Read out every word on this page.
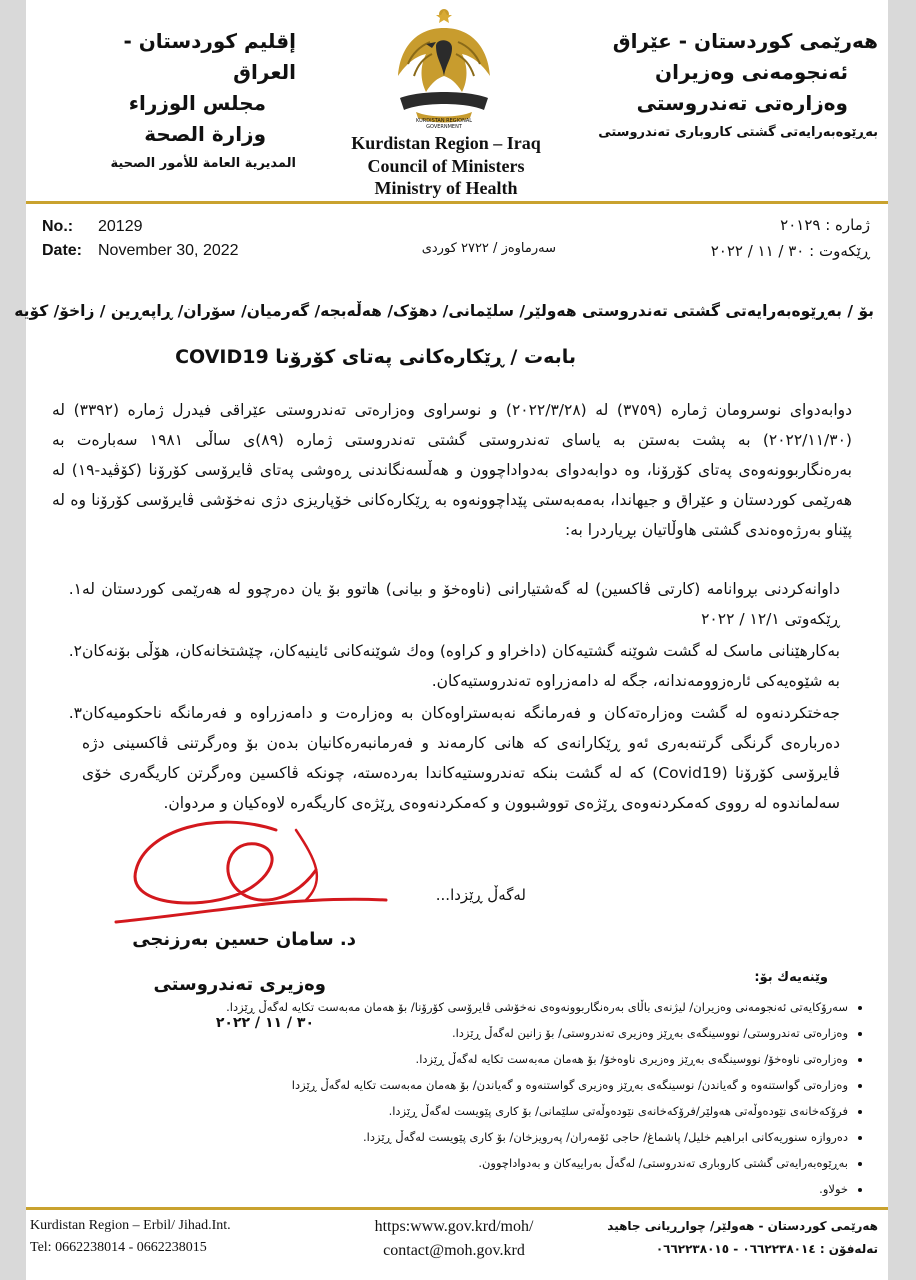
هەرێمی کوردستان - عێراق
ئەنجومەنی وەزیران
وەزارەتی تەندروستی
بەڕێوەبەرایەتی گشتی کاروباری تەندروستی
إقليم كوردستان - العراق
مجلس الوزراء
وزارة الصحة
المديرية العامة للأمور الصحية
KURDISTAN REGIONAL GOVERNMENT
Kurdistan Region – Iraq
Council of Ministers
Ministry of Health
No.: 20129
Date: November 30, 2022	سەرماوەز / ٢٧٢٢ کوردی
ژمارە : ٢٠١٢٩
ڕێکەوت : ٣٠ / ١١ / ٢٠٢٢
بۆ / بەڕێوەبەرایەتی گشتی تەندروستی هەولێر/ سلێمانی/ دهۆک/ هەڵەبجە/ گەرمیان/ سۆران/ ڕاپەڕین / زاخۆ/ کۆیە
بابەت / ڕێکارەکانی پەتای کۆرۆنا COVID19
دوابەدوای نوسرومان ژمارە (٣٧٥٩) لە (٢٠٢٢/٣/٢٨) و نوسراوی وەزارەتی تەندروستی عێراقی فیدرل ژمارە (٣٣٩٢) لە (٢٠٢٢/١١/٣٠) بە پشت بەستن بە یاسای تەندروستی گشتی تەندروستی ژمارە (٨٩)ی ساڵی ١٩٨١ سەبارەت بە بەرەنگاربوونەوەی پەتای کۆرۆنا، وە دوابەدوای بەدواداچوون و هەڵسەنگاندنی ڕەوشی پەتای ڤایرۆسی کۆرۆنا (کۆڤید-١٩) لە هەرێمی کوردستان و عێراق و جیهاندا، بەمەبەستی پێداچوونەوە بە ڕێکارەکانی خۆپاریزی دژی نەخۆشی ڤایرۆسی کۆرۆنا وە لە پێناو بەرژەوەندی گشتی هاوڵاتیان بڕیاردرا بە:
١. داوانەکردنی بڕوانامە (کارتی ڤاکسین) لە گەشتیارانی (ناوەخۆ و بیانی) هاتوو بۆ یان دەرچوو لە هەرێمی کوردستان لە ڕێکەوتی ١٢/١ / ٢٠٢٢
٢. بەکارهێنانی ماسک لە گشت شوێنە گشتیەکان (داخراو و کراوە) وەك شوێنەکانی ئاینیەکان، چێشتخانەکان، هۆڵی بۆنەکان بە شێوەیەکی ئارەزوومەندانە، جگە لە دامەزراوە تەندروستیەکان.
٣. جەختکردنەوە لە گشت وەزارەتەکان و فەرمانگە نەبەستراوەکان بە وەزارەت و دامەزراوە و فەرمانگە ناحکومیەکان دەربارەی گرنگی گرتنەبەری ئەو ڕێکارانەی کە هانی کارمەند و فەرمانبەرەکانیان بدەن بۆ وەرگرتنی ڤاکسینی دژە ڤایرۆسی کۆرۆنا (Covid19) کە لە گشت بنکە تەندروستیەکاندا بەردەستە، چونکە ڤاکسین وەرگرتن کاریگەری خۆی سەلماندوە لە رووی کەمکردنەوەی ڕێژەی تووشبوون و کەمکردنەوەی ڕێژەی کاریگەرە لاوەکیان و مردوان.
لەگەڵ ڕێزدا...
د. سامان حسین بەرزنجی
وەزیری تەندروستی
٣٠ / ١١ / ٢٠٢٢
وێنەیەك بۆ:
• سەرۆکایەتی ئەنجومەنی وەزیران/ لیژنەی باڵای بەرەنگاربوونەوەی نەخۆشی ڤایرۆسی کۆرۆنا/ بۆ هەمان مەبەست تکایە لەگەڵ ڕێزدا.
• وەزارەتی تەندروستی/ نووسینگەی بەڕێز وەزیری تەندروستی/ بۆ زانین لەگەڵ ڕێزدا.
• وەزارەتی ناوەخۆ/ نووسینگەی بەڕێز وەزیری ناوەخۆ/ بۆ هەمان مەبەست تکایە لەگەڵ ڕێزدا.
• وەزارەتی گواستنەوە و گەیاندن/ نوسینگەی بەڕێز وەزیری گواستنەوە و گەیاندن/ بۆ هەمان مەبەست تکایە لەگەڵ ڕێزدا
• فرۆکەخانەی نێودەوڵەتی هەولێر/فرۆکەخانەی نێودەوڵەتی سلێمانی/ بۆ کاری پێویست لەگەڵ ڕێزدا.
• دەروازە سنوریەکانی ابراهیم خلیل/ پاشماغ/ حاجی ئۆمەران/ پەرویزخان/ بۆ کاری پێویست لەگەڵ ڕێزدا.
• بەڕێوەبەرایەتی گشتی کاروباری تەندروستی/ لەگەڵ بەراییەکان و بەدواداچوون.
• خولاو.
Kurdistan Region – Erbil/ Jihad.Int.
Tel: 0662238014 - 0662238015
https:www.gov.krd/moh/
contact@moh.gov.krd
هەرێمی کوردستان - هەولێر/ چوارڕیانی جاهید
تەلەفۆن : ٠٦٦٢٢٣٨٠١٤ - ٠٦٦٢٢٣٨٠١٥
